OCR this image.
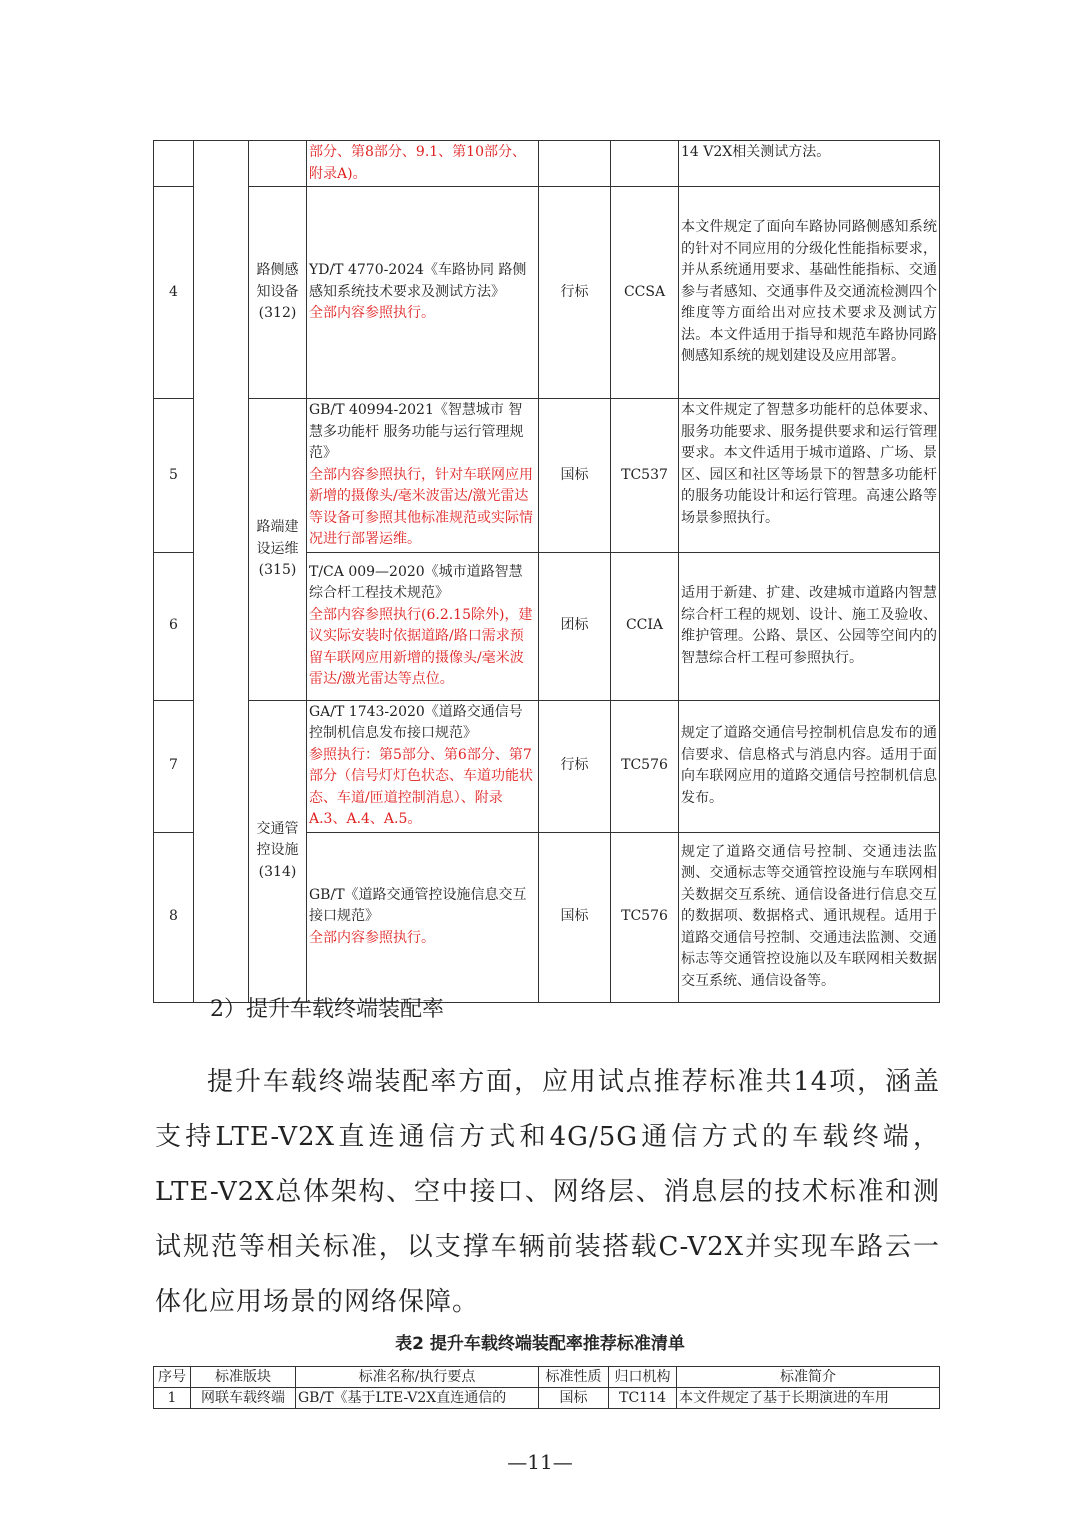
			部分、第8部分、9.1、第10部分、附录A)。			14 V2X相关测试方法。
4		路侧感知设备(312)	YD/T 4770-2024《车路协同 路侧感知系统技术要求及测试方法》
全部内容参照执行。	行标	CCSA	本文件规定了面向车路协同路侧感知系统的针对不同应用的分级化性能指标要求，并从系统通用要求、基础性能指标、交通参与者感知、交通事件及交通流检测四个维度等方面给出对应技术要求及测试方法。本文件适用于指导和规范车路协同路侧感知系统的规划建设及应用部署。
5		路端建设运维(315)	GB/T 40994-2021《智慧城市 智慧多功能杆 服务功能与运行管理规范》
全部内容参照执行，针对车联网应用新增的摄像头/毫米波雷达/激光雷达等设备可参照其他标准规范或实际情况进行部署运维。	国标	TC537	本文件规定了智慧多功能杆的总体要求、服务功能要求、服务提供要求和运行管理要求。本文件适用于城市道路、广场、景区、园区和社区等场景下的智慧多功能杆的服务功能设计和运行管理。高速公路等场景参照执行。
6			T/CA 009—2020《城市道路智慧综合杆工程技术规范》
全部内容参照执行(6.2.15除外)，建议实际安装时依据道路/路口需求预留车联网应用新增的摄像头/毫米波雷达/激光雷达等点位。	团标	CCIA	适用于新建、扩建、改建城市道路内智慧综合杆工程的规划、设计、施工及验收、维护管理。公路、景区、公园等空间内的智慧综合杆工程可参照执行。
7		交通管控设施(314)	GA/T 1743-2020《道路交通信号控制机信息发布接口规范》
参照执行：第5部分、第6部分、第7部分（信号灯灯色状态、车道功能状态、车道/匝道控制消息）、附录A.3、A.4、A.5。	行标	TC576	规定了道路交通信号控制机信息发布的通信要求、信息格式与消息内容。适用于面向车联网应用的道路交通信号控制机信息发布。
8			GB/T《道路交通管控设施信息交互接口规范》
全部内容参照执行。	国标	TC576	规定了道路交通信号控制、交通违法监测、交通标志等交通管控设施与车联网相关数据交互系统、通信设备进行信息交互的数据项、数据格式、通讯规程。适用于道路交通信号控制、交通违法监测、交通标志等交通管控设施以及车联网相关数据交互系统、通信设备等。
2）提升车载终端装配率
提升车载终端装配率方面，应用试点推荐标准共14项，涵盖支持LTE-V2X直连通信方式和4G/5G通信方式的车载终端，LTE-V2X总体架构、空中接口、网络层、消息层的技术标准和测试规范等相关标准，以支撑车辆前装搭载C-V2X并实现车路云一体化应用场景的网络保障。
表2 提升车载终端装配率推荐标准清单
序号	标准版块	标准名称/执行要点	标准性质	归口机构	标准简介
1	网联车载终端	GB/T《基于LTE-V2X直连通信的	国标	TC114	本文件规定了基于长期演进的车用
—11—
